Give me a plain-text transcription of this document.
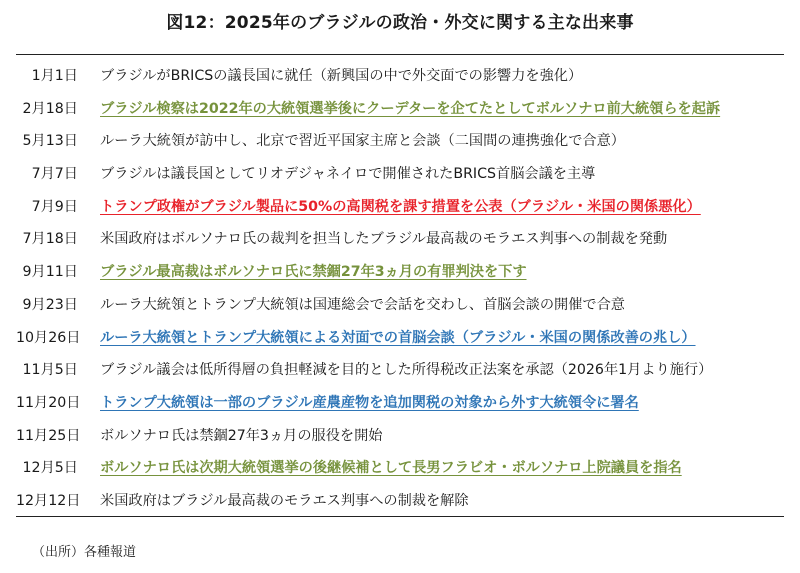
図12：2025年のブラジルの政治・外交に関する主な出来事
1月1日 ブラジルがBRICSの議長国に就任（新興国の中で外交面での影響力を強化）
2月18日 ブラジル検察は2022年の大統領選挙後にクーデターを企てたとしてボルソナロ前大統領らを起訴
5月13日 ルーラ大統領が訪中し、北京で習近平国家主席と会談（二国間の連携強化で合意）
7月7日 ブラジルは議長国としてリオデジャネイロで開催されたBRICS首脳会議を主導
7月9日 トランプ政権がブラジル製品に50%の高関税を課す措置を公表（ブラジル・米国の関係悪化）
7月18日 米国政府はボルソナロ氏の裁判を担当したブラジル最高裁のモラエス判事への制裁を発動
9月11日 ブラジル最高裁はボルソナロ氏に禁錮27年3ヵ月の有罪判決を下す
9月23日 ルーラ大統領とトランプ大統領は国連総会で会話を交わし、首脳会談の開催で合意
10月26日 ルーラ大統領とトランプ大統領による対面での首脳会談（ブラジル・米国の関係改善の兆し）
11月5日 ブラジル議会は低所得層の負担軽減を目的とした所得税改正法案を承認（2026年1月より施行）
11月20日 トランプ大統領は一部のブラジル産農産物を追加関税の対象から外す大統領令に署名
11月25日 ボルソナロ氏は禁錮27年3ヵ月の服役を開始
12月5日 ボルソナロ氏は次期大統領選挙の後継候補として長男フラビオ・ボルソナロ上院議員を指名
12月12日 米国政府はブラジル最高裁のモラエス判事への制裁を解除
（出所）各種報道
